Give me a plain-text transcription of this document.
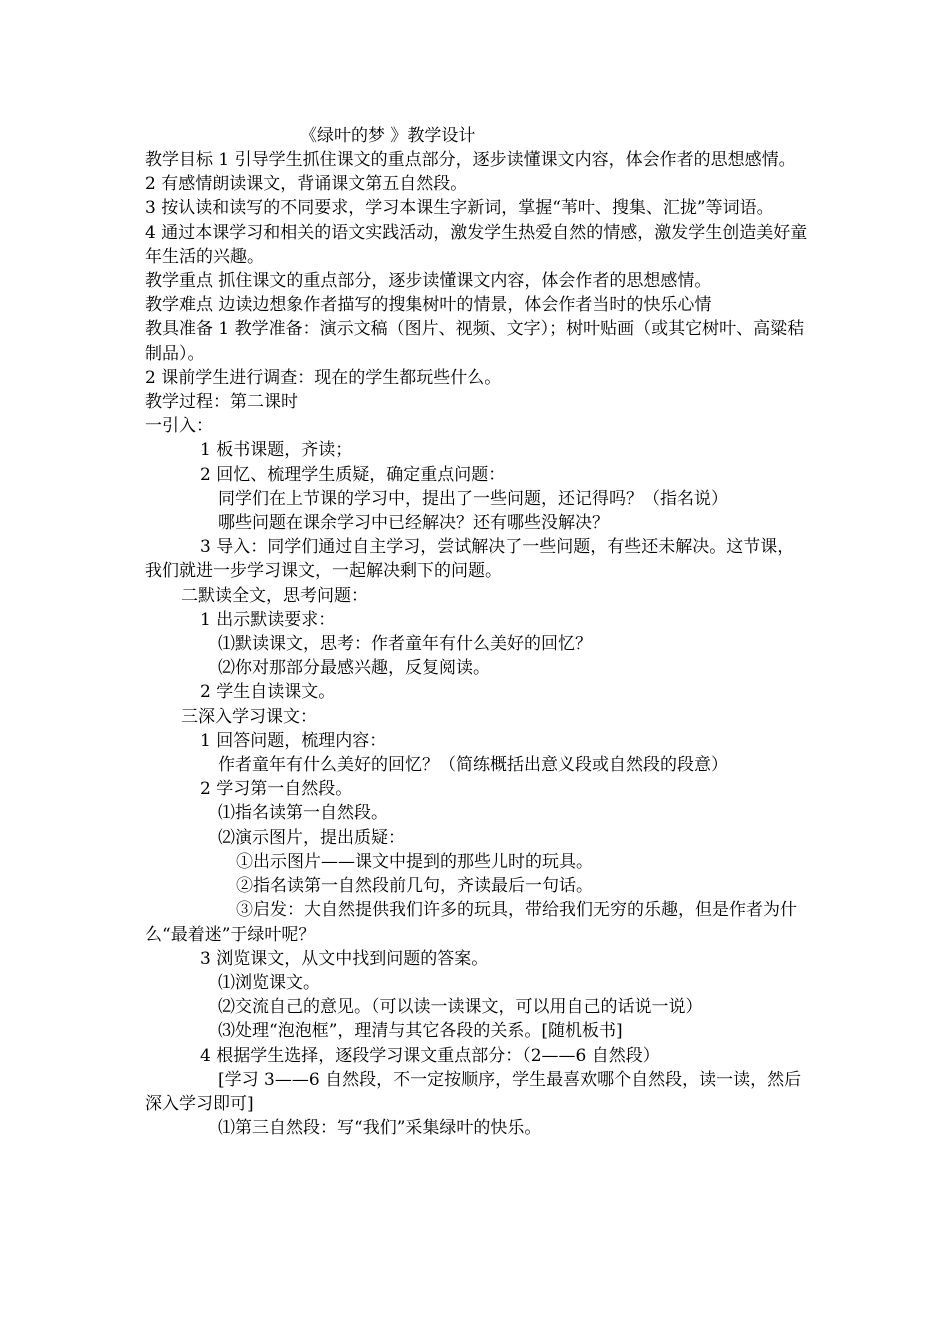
《绿叶的梦 》教学设计

教学目标 1 引导学生抓住课文的重点部分，逐步读懂课文内容，体会作者的思想感情。

2 有感情朗读课文，背诵课文第五自然段。

3 按认读和读写的不同要求，学习本课生字新词，掌握“苇叶、搜集、汇拢”等词语。

4 通过本课学习和相关的语文实践活动，激发学生热爱自然的情感，激发学生创造美好童年生活的兴趣。

教学重点 抓住课文的重点部分，逐步读懂课文内容，体会作者的思想感情。

教学难点 边读边想象作者描写的搜集树叶的情景，体会作者当时的快乐心情

教具准备 1 教学准备：演示文稿（图片、视频、文字）；树叶贴画（或其它树叶、高粱秸制品）。

2 课前学生进行调查：现在的学生都玩些什么。

教学过程：第二课时

一引入：

1 板书课题，齐读；

2 回忆、梳理学生质疑，确定重点问题：

同学们在上节课的学习中，提出了一些问题，还记得吗？（指名说）

哪些问题在课余学习中已经解决？还有哪些没解决？

3 导入：同学们通过自主学习，尝试解决了一些问题，有些还未解决。这节课，我们就进一步学习课文，一起解决剩下的问题。

二默读全文，思考问题：

1 出示默读要求：

⑴默读课文，思考：作者童年有什么美好的回忆？

⑵你对那部分最感兴趣，反复阅读。

2 学生自读课文。

三深入学习课文：

1 回答问题，梳理内容：

作者童年有什么美好的回忆？（简练概括出意义段或自然段的段意）

2 学习第一自然段。

⑴指名读第一自然段。

⑵演示图片，提出质疑：

①出示图片——课文中提到的那些儿时的玩具。

②指名读第一自然段前几句，齐读最后一句话。

③启发：大自然提供我们许多的玩具，带给我们无穷的乐趣，但是作者为什么“最着迷”于绿叶呢？

3 浏览课文，从文中找到问题的答案。

⑴浏览课文。

⑵交流自己的意见。（可以读一读课文，可以用自己的话说一说）

⑶处理“泡泡框”，理清与其它各段的关系。[随机板书]

4 根据学生选择，逐段学习课文重点部分：（2——6 自然段）

[学习 3——6 自然段，不一定按顺序，学生最喜欢哪个自然段，读一读，然后深入学习即可]

⑴第三自然段：写“我们”采集绿叶的快乐。
